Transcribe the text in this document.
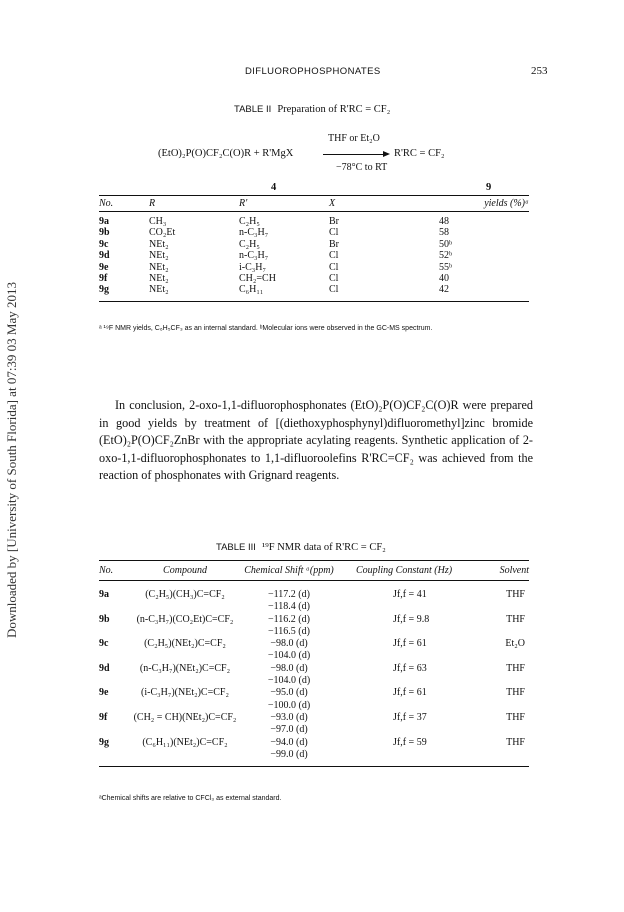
Downloaded by [University of South Florida] at 07:39 03 May 2013
DIFLUOROPHOSPHONATES	253
TABLE II Preparation of R'RC = CF₂
THF or Et₂O
(EtO)₂P(O)CF₂C(O)R + R'MgX	R'RC = CF₂
−78°C to RT
4	9
No.	R	R'	X	yields (%)ᵃ
9a	CH₃	C₂H₅	Br	48
9b	CO₂Et	n-C₃H₇	Cl	58
9c	NEt₂	C₂H₅	Br	50ᵇ
9d	NEt₂	n-C₃H₇	Cl	52ᵇ
9e	NEt₂	i-C₃H₇	Cl	55ᵇ
9f	NEt₂	CH₂=CH	Cl	40
9g	NEt₂	C₆H₁₁	Cl	42
ᵃ ¹⁹F NMR yields, C₆H₅CF₃ as an internal standard. ᵇMolecular ions were observed in the GC-MS spectrum.

In conclusion, 2-oxo-1,1-difluorophosphonates (EtO)₂P(O)CF₂C(O)R were prepared in good yields by treatment of [(diethoxyphosphynyl)difluoromethyl]zinc bromide (EtO)₂P(O)CF₂ZnBr with the appropriate acylating reagents. Synthetic application of 2-oxo-1,1-difluorophosphonates to 1,1-difluoroolefins R'RC=CF₂ was achieved from the reaction of phosphonates with Grignard reagents.

TABLE III ¹⁹F NMR data of R'RC = CF₂
No.	Compound	Chemical Shift ᵃ(ppm)	Coupling Constant (Hz)	Solvent
9a	(C₂H₅)(CH₃)C=CF₂	−117.2 (d)	Jf,f = 41	THF
		−118.4 (d)		
9b	(n-C₃H₇)(CO₂Et)C=CF₂	−116.2 (d)	Jf,f = 9.8	THF
		−116.5 (d)		
9c	(C₂H₅)(NEt₂)C=CF₂	−98.0 (d)	Jf,f = 61	Et₂O
		−104.0 (d)		
9d	(n-C₃H₇)(NEt₂)C=CF₂	−98.0 (d)	Jf,f = 63	THF
		−104.0 (d)		
9e	(i-C₃H₇)(NEt₂)C=CF₂	−95.0 (d)	Jf,f = 61	THF
		−100.0 (d)		
9f	(CH₂ = CH)(NEt₂)C=CF₂	−93.0 (d)	Jf,f = 37	THF
		−97.0 (d)		
9g	(C₆H₁₁)(NEt₂)C=CF₂	−94.0 (d)	Jf,f = 59	THF
		−99.0 (d)		
ᵃChemical shifts are relative to CFCl₃ as external standard.
